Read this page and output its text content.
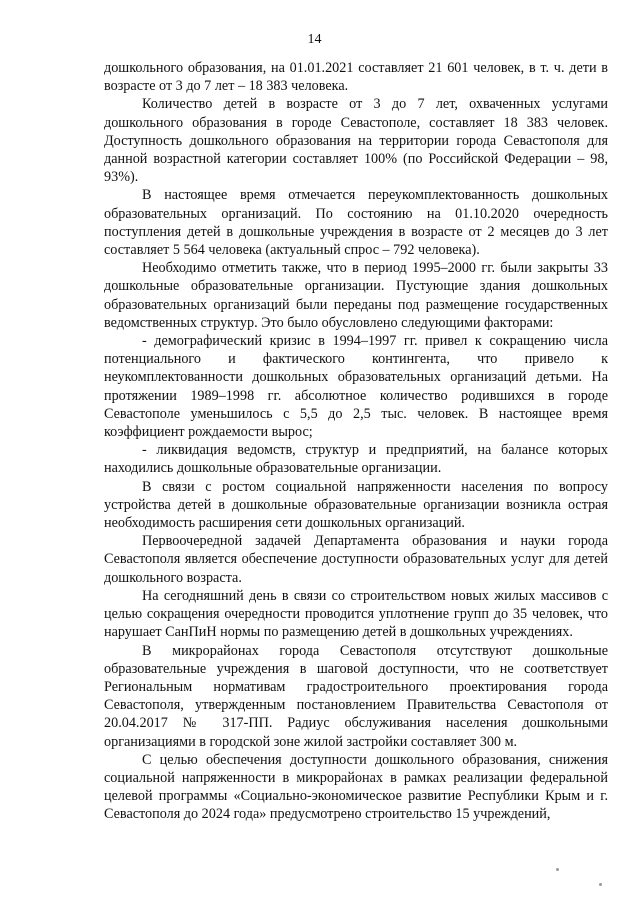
'
14

дошкольного образования, на 01.01.2021 составляет 21 601 человек, в т. ч. дети в возрасте от 3 до 7 лет – 18 383 человека.

Количество детей в возрасте от 3 до 7 лет, охваченных услугами дошкольного образования в городе Севастополе, составляет 18 383 человек. Доступность дошкольного образования на территории города Севастополя для данной возрастной категории составляет 100% (по Российской Федерации – 98, 93%).

В настоящее время отмечается переукомплектованность дошкольных образовательных организаций. По состоянию на 01.10.2020 очередность поступления детей в дошкольные учреждения в возрасте от 2 месяцев до 3 лет составляет 5 564 человека (актуальный спрос – 792 человека).

Необходимо отметить также, что в период 1995–2000 гг. были закрыты 33 дошкольные образовательные организации. Пустующие здания дошкольных образовательных организаций были переданы под размещение государственных ведомственных структур. Это было обусловлено следующими факторами:

- демографический кризис в 1994–1997 гг. привел к сокращению числа потенциального и фактического контингента, что привело к неукомплектованности дошкольных образовательных организаций детьми. На протяжении 1989–1998 гг. абсолютное количество родившихся в городе Севастополе уменьшилось с 5,5 до 2,5 тыс. человек. В настоящее время коэффициент рождаемости вырос;

- ликвидация ведомств, структур и предприятий, на балансе которых находились дошкольные образовательные организации.

В связи с ростом социальной напряженности населения по вопросу устройства детей в дошкольные образовательные организации возникла острая необходимость расширения сети дошкольных организаций.

Первоочередной задачей Департамента образования и науки города Севастополя является обеспечение доступности образовательных услуг для детей дошкольного возраста.

На сегодняшний день в связи со строительством новых жилых массивов с целью сокращения очередности проводится уплотнение групп до 35 человек, что нарушает СанПиН нормы по размещению детей в дошкольных учреждениях.

В микрорайонах города Севастополя отсутствуют дошкольные образовательные учреждения в шаговой доступности, что не соответствует Региональным нормативам градостроительного проектирования города Севастополя, утвержденным постановлением Правительства Севастополя от 20.04.2017 № 317-ПП. Радиус обслуживания населения дошкольными организациями в городской зоне жилой застройки составляет 300 м.

С целью обеспечения доступности дошкольного образования, снижения социальной напряженности в микрорайонах в рамках реализации федеральной целевой программы «Социально-экономическое развитие Республики Крым и г. Севастополя до 2024 года» предусмотрено строительство 15 учреждений,
